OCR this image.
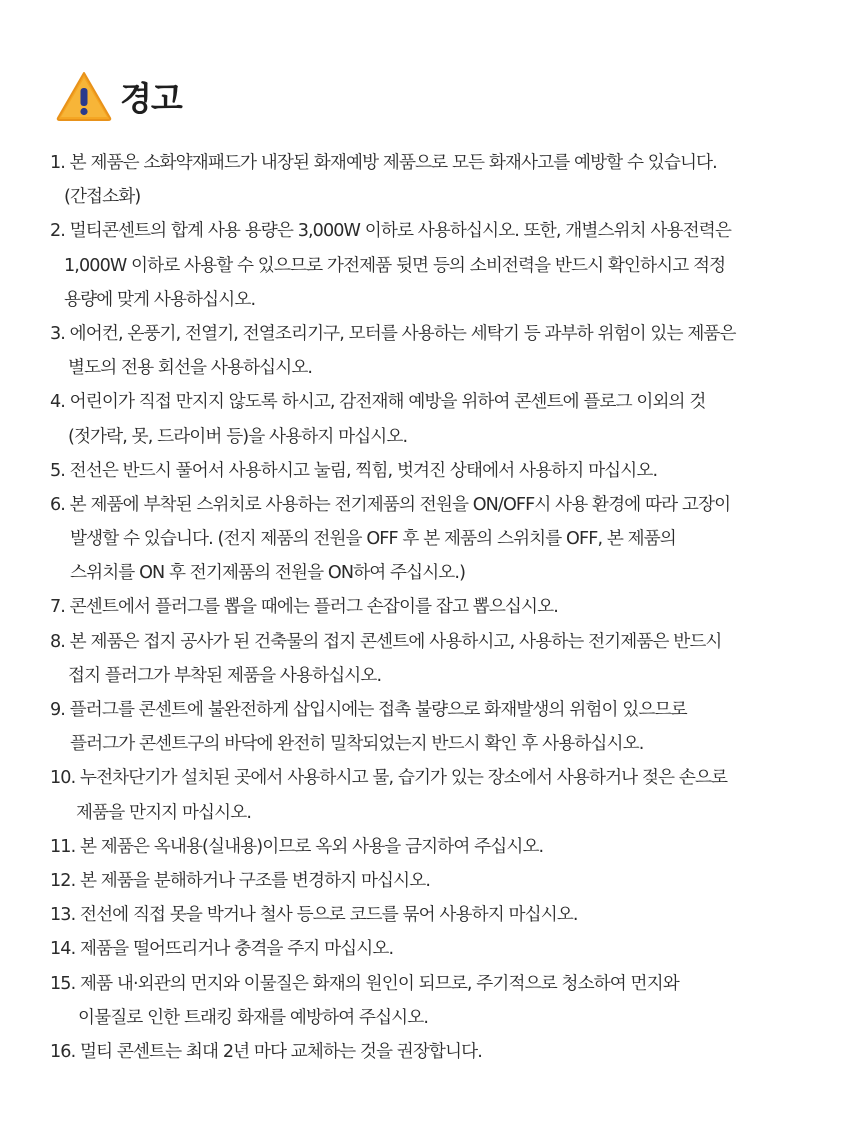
경고
1. 본 제품은 소화약재패드가 내장된 화재예방 제품으로 모든 화재사고를 예방할 수 있습니다.
(간접소화)
2. 멀티콘센트의 합계 사용 용량은 3,000W 이하로 사용하십시오. 또한, 개별스위치 사용전력은
1,000W 이하로 사용할 수 있으므로 가전제품 뒷면 등의 소비전력을 반드시 확인하시고 적정
용량에 맞게 사용하십시오.
3. 에어컨, 온풍기, 전열기, 전열조리기구, 모터를 사용하는 세탁기 등 과부하 위험이 있는 제품은
별도의 전용 회선을 사용하십시오.
4. 어린이가 직접 만지지 않도록 하시고, 감전재해 예방을 위하여 콘센트에 플로그 이외의 것
(젓가락, 못, 드라이버 등)을 사용하지 마십시오.
5. 전선은 반드시 풀어서 사용하시고 눌림, 찍힘, 벗겨진 상태에서 사용하지 마십시오.
6. 본 제품에 부착된 스위치로 사용하는 전기제품의 전원을 ON/OFF시 사용 환경에 따라 고장이
발생할 수 있습니다. (전지 제품의 전원을 OFF 후 본 제품의 스위치를 OFF, 본 제품의
스위치를 ON 후 전기제품의 전원을 ON하여 주십시오.)
7. 콘센트에서 플러그를 뽑을 때에는 플러그 손잡이를 잡고 뽑으십시오.
8. 본 제품은 접지 공사가 된 건축물의 접지 콘센트에 사용하시고, 사용하는 전기제품은 반드시
접지 플러그가 부착된 제품을 사용하십시오.
9. 플러그를 콘센트에 불완전하게 삽입시에는 접촉 불량으로 화재발생의 위험이 있으므로
플러그가 콘센트구의 바닥에 완전히 밀착되었는지 반드시 확인 후 사용하십시오.
10. 누전차단기가 설치된 곳에서 사용하시고 물, 습기가 있는 장소에서 사용하거나 젖은 손으로
제품을 만지지 마십시오.
11. 본 제품은 옥내용(실내용)이므로 옥외 사용을 금지하여 주십시오.
12. 본 제품을 분해하거나 구조를 변경하지 마십시오.
13. 전선에 직접 못을 박거나 철사 등으로 코드를 묶어 사용하지 마십시오.
14. 제품을 떨어뜨리거나 충격을 주지 마십시오.
15. 제품 내·외관의 먼지와 이물질은 화재의 원인이 되므로, 주기적으로 청소하여 먼지와
이물질로 인한 트래킹 화재를 예방하여 주십시오.
16. 멀티 콘센트는 최대 2년 마다 교체하는 것을 권장합니다.
